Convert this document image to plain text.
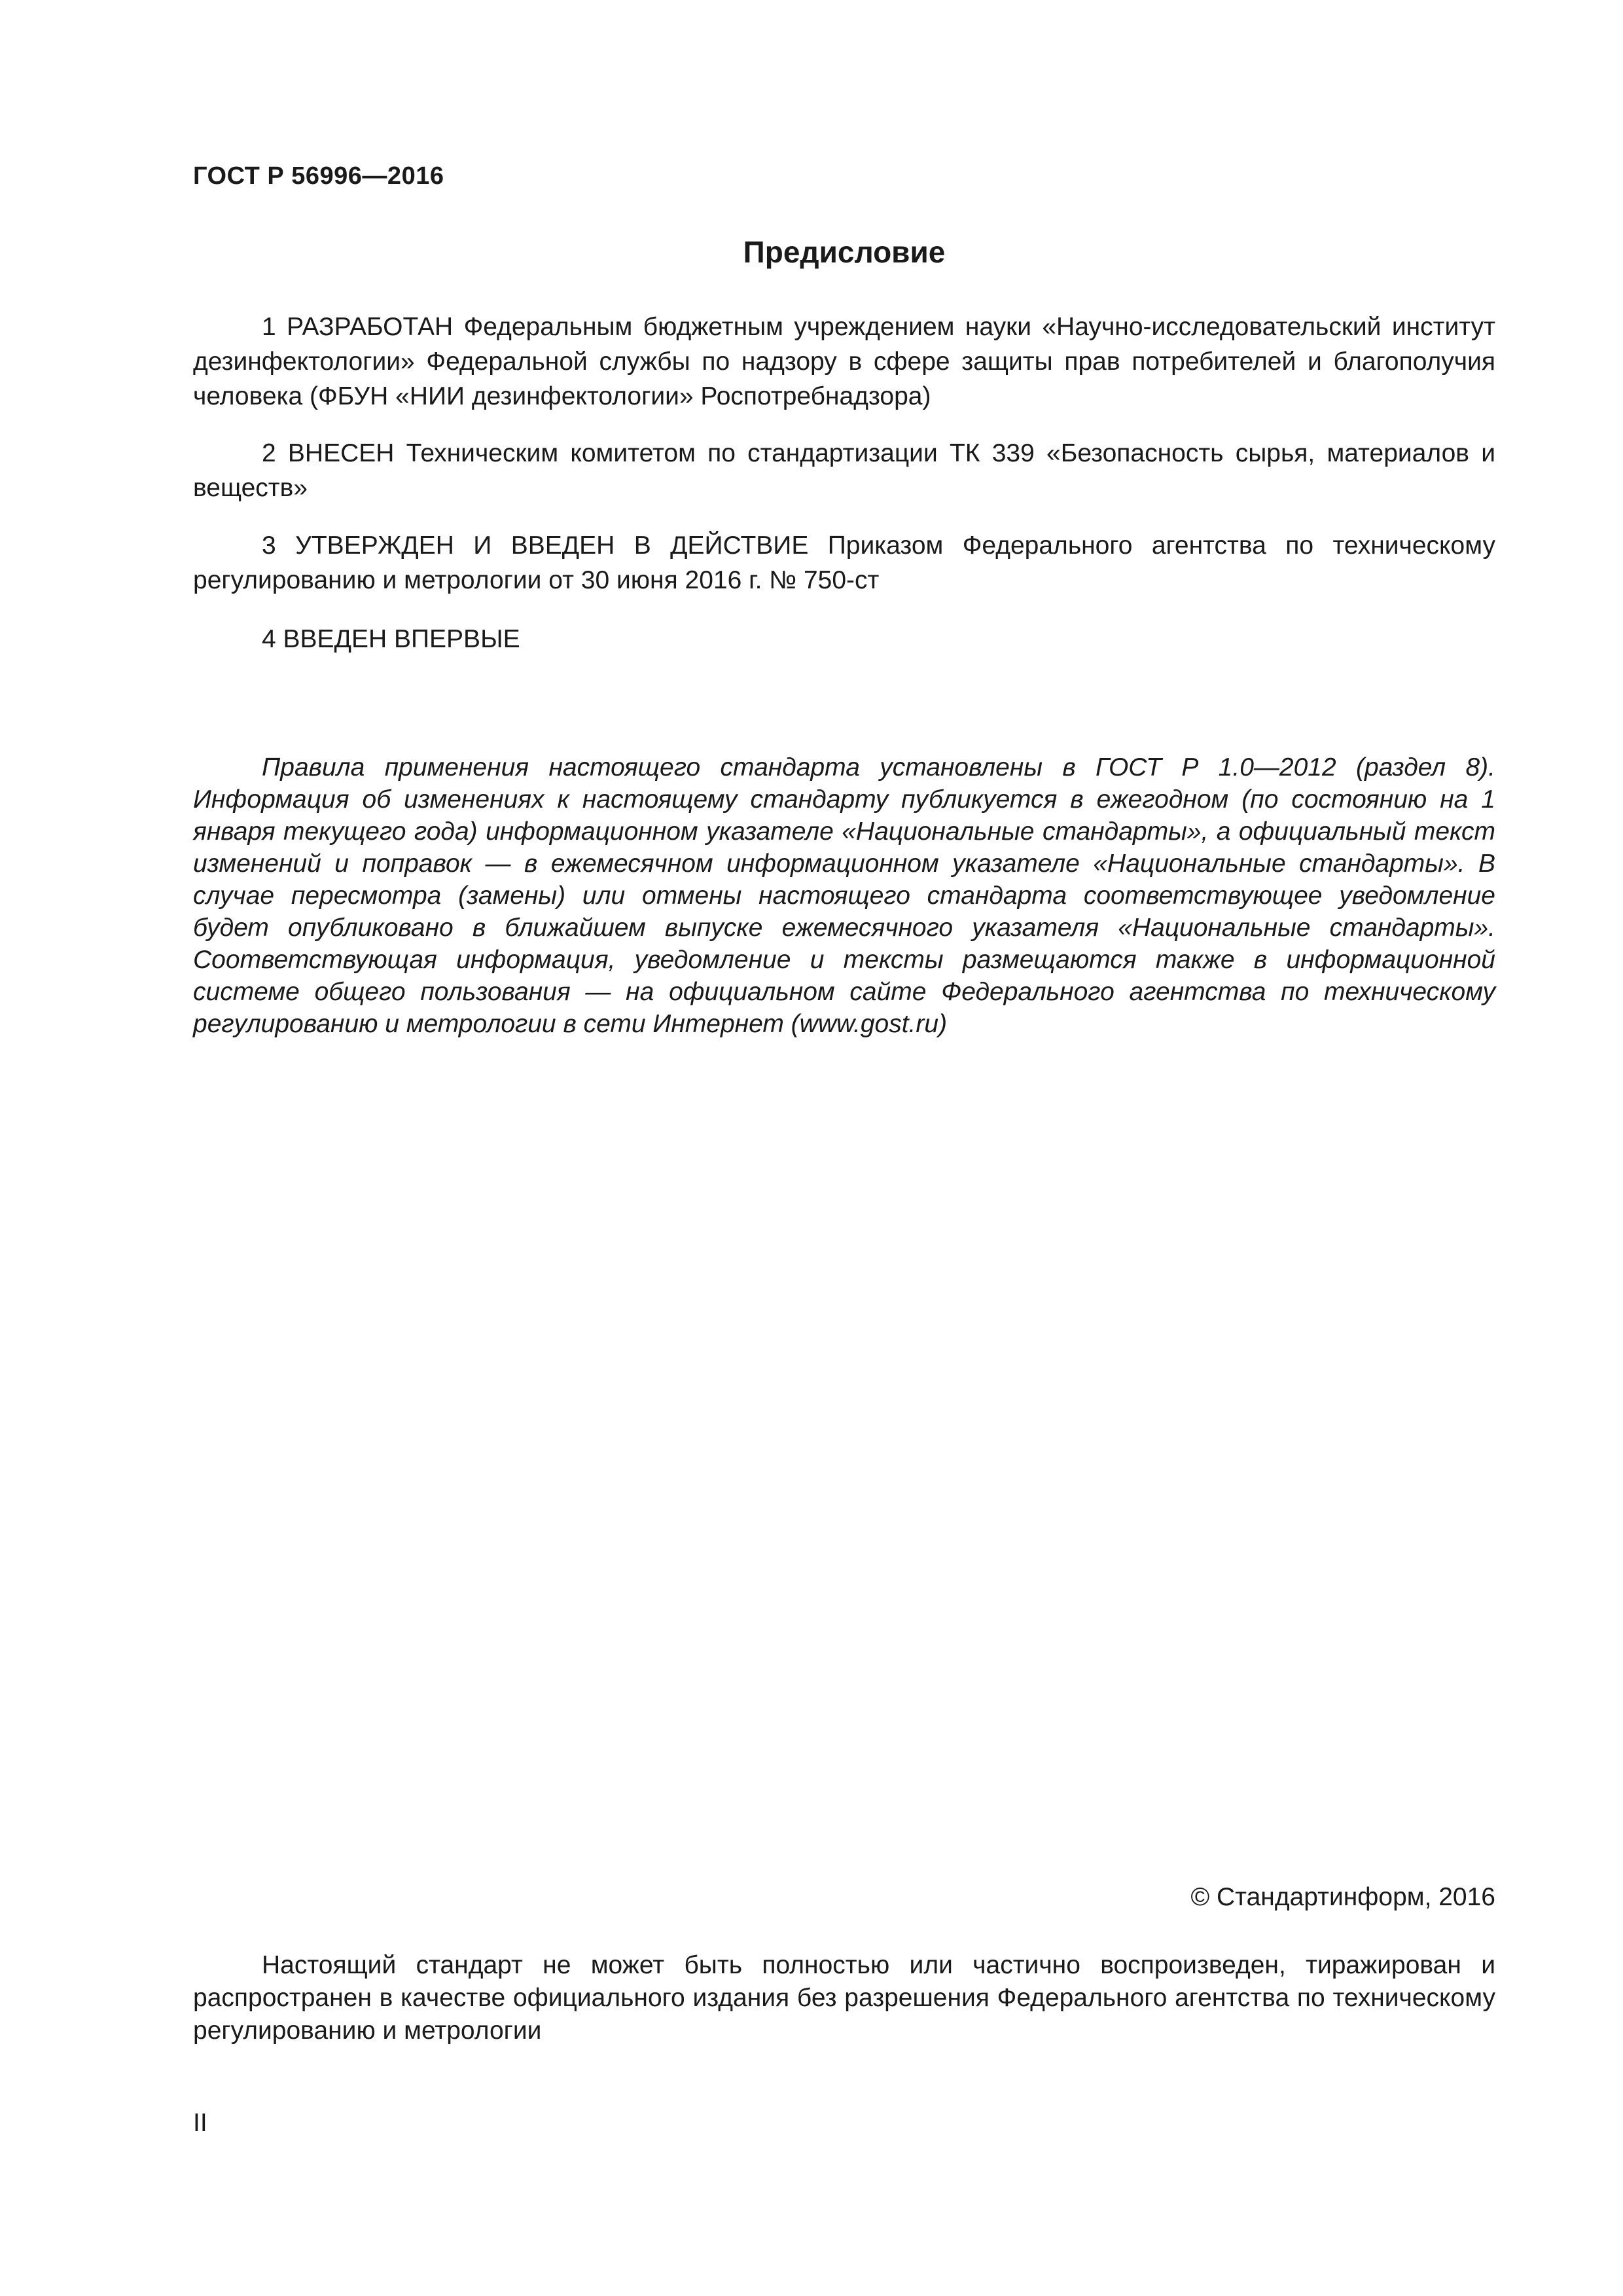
ГОСТ Р 56996—2016
Предисловие

1 РАЗРАБОТАН Федеральным бюджетным учреждением науки «Научно-исследовательский институт дезинфектологии» Федеральной службы по надзору в сфере защиты прав потребителей и благополучия человека (ФБУН «НИИ дезинфектологии» Роспотребнадзора)

2 ВНЕСЕН Техническим комитетом по стандартизации ТК 339 «Безопасность сырья, материалов и веществ»

3 УТВЕРЖДЕН И ВВЕДЕН В ДЕЙСТВИЕ Приказом Федерального агентства по техническому регулированию и метрологии от 30 июня 2016 г. № 750-ст

4 ВВЕДЕН ВПЕРВЫЕ

Правила применения настоящего стандарта установлены в ГОСТ Р 1.0—2012 (раздел 8). Информация об изменениях к настоящему стандарту публикуется в ежегодном (по состоянию на 1 января текущего года) информационном указателе «Национальные стандарты», а официальный текст изменений и поправок — в ежемесячном информационном указателе «Национальные стандарты». В случае пересмотра (замены) или отмены настоящего стандарта соответствующее уведомление будет опубликовано в ближайшем выпуске ежемесячного указателя «Национальные стандарты». Соответствующая информация, уведомление и тексты размещаются также в информационной системе общего пользования — на официальном сайте Федерального агентства по техническому регулированию и метрологии в сети Интернет (www.gost.ru)

© Стандартинформ, 2016

Настоящий стандарт не может быть полностью или частично воспроизведен, тиражирован и распространен в качестве официального издания без разрешения Федерального агентства по техническому регулированию и метрологии

II
